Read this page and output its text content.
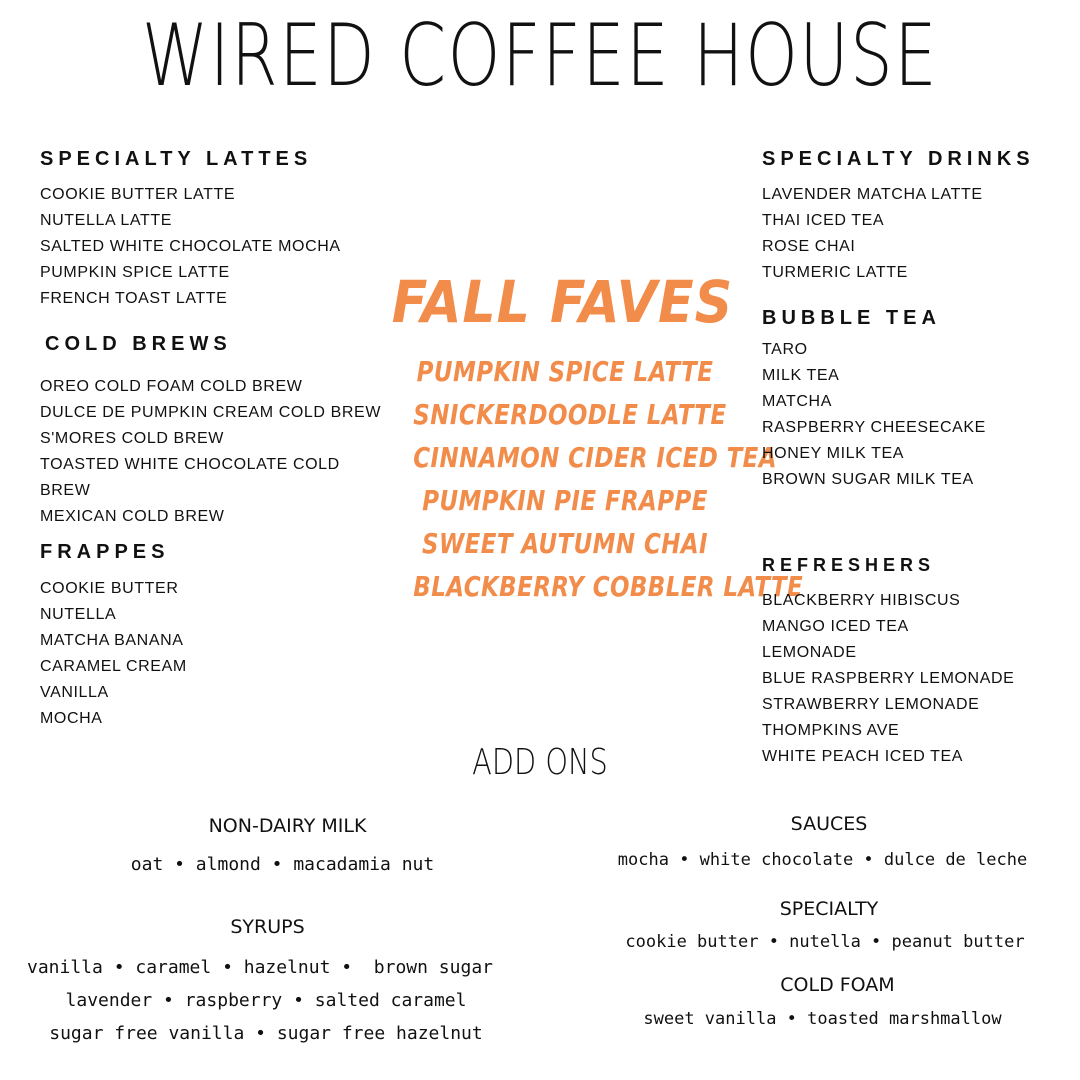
WIRED COFFEE HOUSE
SPECIALTY LATTES
COOKIE BUTTER LATTE
NUTELLA LATTE
SALTED WHITE CHOCOLATE MOCHA
PUMPKIN SPICE LATTE
FRENCH TOAST LATTE
COLD BREWS
OREO COLD FOAM COLD BREW
DULCE DE PUMPKIN CREAM COLD BREW
S'MORES COLD BREW
TOASTED WHITE CHOCOLATE COLD
BREW
MEXICAN COLD BREW
FRAPPES
COOKIE BUTTER
NUTELLA
MATCHA BANANA
CARAMEL CREAM
VANILLA
MOCHA
FALL FAVES
PUMPKIN SPICE LATTE
SNICKERDOODLE LATTE
CINNAMON CIDER ICED TEA
PUMPKIN PIE FRAPPE
SWEET AUTUMN CHAI
BLACKBERRY COBBLER LATTE
SPECIALTY DRINKS
LAVENDER MATCHA LATTE
THAI ICED TEA
ROSE CHAI
TURMERIC LATTE
BUBBLE TEA
TARO
MILK TEA
MATCHA
RASPBERRY CHEESECAKE
HONEY MILK TEA
BROWN SUGAR MILK TEA
REFRESHERS
BLACKBERRY HIBISCUS
MANGO ICED TEA
LEMONADE
BLUE RASPBERRY LEMONADE
STRAWBERRY LEMONADE
THOMPKINS AVE
WHITE PEACH ICED TEA
ADD ONS
NON-DAIRY MILK
oat • almond • macadamia nut
SYRUPS
vanilla • caramel • hazelnut •  brown sugar
lavender • raspberry • salted caramel
sugar free vanilla • sugar free hazelnut
SAUCES
mocha • white chocolate • dulce de leche
SPECIALTY
cookie butter • nutella • peanut butter
COLD FOAM
sweet vanilla • toasted marshmallow
